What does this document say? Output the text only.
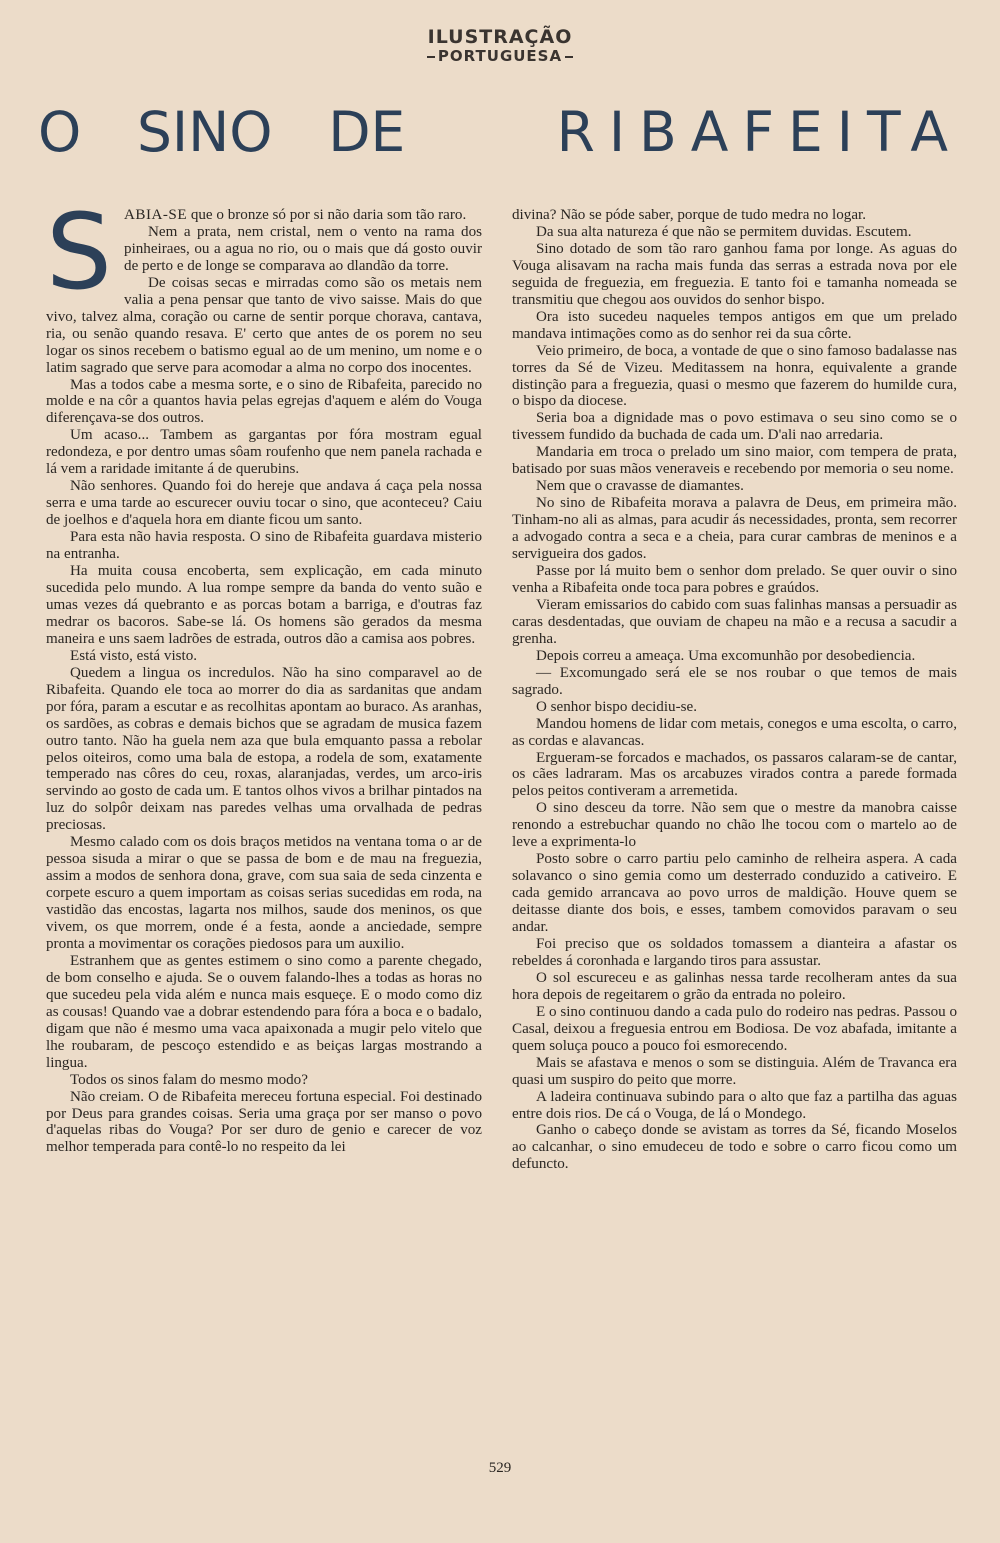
ILUSTRAÇÃO
PORTUGUESA
O SINO DE	RIBAFEITA

SABIA-SE que o bronze só por si não daria som tão raro.

Nem a prata, nem cristal, nem o vento na rama dos pinheiraes, ou a agua no rio, ou o mais que dá gosto ouvir de perto e de longe se comparava ao dlandão da torre.

De coisas secas e mirradas como são os metais nem valia a pena pensar que tanto de vivo saisse. Mais do que vivo, talvez alma, coração ou carne de sentir porque chorava, cantava, ria, ou senão quando resava. E' certo que antes de os porem no seu logar os sinos recebem o batismo egual ao de um menino, um nome e o latim sagrado que serve para acomodar a alma no corpo dos inocentes.

Mas a todos cabe a mesma sorte, e o sino de Ribafeita, parecido no molde e na côr a quantos havia pelas egrejas d'aquem e além do Vouga diferençava-se dos outros.

Um acaso... Tambem as gargantas por fóra mostram egual redondeza, e por dentro umas sôam roufenho que nem panela rachada e lá vem a raridade imitante á de querubins.

Não senhores. Quando foi do hereje que andava á caça pela nossa serra e uma tarde ao escurecer ouviu tocar o sino, que aconteceu? Caiu de joelhos e d'aquela hora em diante ficou um santo.

Para esta não havia resposta. O sino de Ribafeita guardava misterio na entranha.

Ha muita cousa encoberta, sem explicação, em cada minuto sucedida pelo mundo. A lua rompe sempre da banda do vento suão e umas vezes dá quebranto e as porcas botam a barriga, e d'outras faz medrar os bacoros. Sabe-se lá. Os homens são gerados da mesma maneira e uns saem ladrões de estrada, outros dão a camisa aos pobres.

Está visto, está visto.

Quedem a lingua os incredulos. Não ha sino comparavel ao de Ribafeita. Quando ele toca ao morrer do dia as sardanitas que andam por fóra, param a escutar e as recolhitas apontam ao buraco. As aranhas, os sardões, as cobras e demais bichos que se agradam de musica fazem outro tanto. Não ha guela nem aza que bula emquanto passa a rebolar pelos oiteiros, como uma bala de estopa, a rodela de som, exatamente temperado nas côres do ceu, roxas, alaranjadas, verdes, um arco-iris servindo ao gosto de cada um. E tantos olhos vivos a brilhar pintados na luz do solpôr deixam nas paredes velhas uma orvalhada de pedras preciosas.

Mesmo calado com os dois braços metidos na ventana toma o ar de pessoa sisuda a mirar o que se passa de bom e de mau na freguezia, assim a modos de senhora dona, grave, com sua saia de seda cinzenta e corpete escuro a quem importam as coisas serias sucedidas em roda, na vastidão das encostas, lagarta nos milhos, saude dos meninos, os que vivem, os que morrem, onde é a festa, aonde a anciedade, sempre pronta a movimentar os corações piedosos para um auxilio.

Estranhem que as gentes estimem o sino como a parente chegado, de bom conselho e ajuda. Se o ouvem falando-lhes a todas as horas no que sucedeu pela vida além e nunca mais esqueçe. E o modo como diz as cousas! Quando vae a dobrar estendendo para fóra a boca e o badalo, digam que não é mesmo uma vaca apaixonada a mugir pelo vitelo que lhe roubaram, de pescoço estendido e as beiças largas mostrando a lingua.

Todos os sinos falam do mesmo modo?

Não creiam. O de Ribafeita mereceu fortuna especial. Foi destinado por Deus para grandes coisas. Seria uma graça por ser manso o povo d'aquelas ribas do Vouga? Por ser duro de genio e carecer de voz melhor temperada para contê-lo no respeito da lei

divina? Não se póde saber, porque de tudo medra no logar.

Da sua alta natureza é que não se permitem duvidas. Escutem.

Sino dotado de som tão raro ganhou fama por longe. As aguas do Vouga alisavam na racha mais funda das serras a estrada nova por ele seguida de freguezia, em freguezia. E tanto foi e tamanha nomeada se transmitiu que chegou aos ouvidos do senhor bispo.

Ora isto sucedeu naqueles tempos antigos em que um prelado mandava intimações como as do senhor rei da sua côrte.

Veio primeiro, de boca, a vontade de que o sino famoso badalasse nas torres da Sé de Vizeu. Meditassem na honra, equivalente a grande distinção para a freguezia, quasi o mesmo que fazerem do humilde cura, o bispo da diocese.

Seria boa a dignidade mas o povo estimava o seu sino como se o tivessem fundido da buchada de cada um. D'ali nao arredaria.

Mandaria em troca o prelado um sino maior, com tempera de prata, batisado por suas mãos veneraveis e recebendo por memoria o seu nome.

Nem que o cravasse de diamantes.

No sino de Ribafeita morava a palavra de Deus, em primeira mão. Tinham-no ali as almas, para acudir ás necessidades, pronta, sem recorrer a advogado contra a seca e a cheia, para curar cambras de meninos e a servigueira dos gados.

Passe por lá muito bem o senhor dom prelado. Se quer ouvir o sino venha a Ribafeita onde toca para pobres e graúdos.

Vieram emissarios do cabido com suas falinhas mansas a persuadir as caras desdentadas, que ouviam de chapeu na mão e a recusa a sacudir a grenha.

Depois correu a ameaça. Uma excomunhão por desobediencia.

— Excomungado será ele se nos roubar o que temos de mais sagrado.

O senhor bispo decidiu-se.

Mandou homens de lidar com metais, conegos e uma escolta, o carro, as cordas e alavancas.

Ergueram-se forcados e machados, os passaros calaram-se de cantar, os cães ladraram. Mas os arcabuzes virados contra a parede formada pelos peitos contiveram a arremetida.

O sino desceu da torre. Não sem que o mestre da manobra caisse renondo a estrebuchar quando no chão lhe tocou com o martelo ao de leve a exprimenta-lo

Posto sobre o carro partiu pelo caminho de relheira aspera. A cada solavanco o sino gemia como um desterrado conduzido a cativeiro. E cada gemido arrancava ao povo urros de maldição. Houve quem se deitasse diante dos bois, e esses, tambem comovidos paravam o seu andar.

Foi preciso que os soldados tomassem a dianteira a afastar os rebeldes á coronhada e largando tiros para assustar.

O sol escureceu e as galinhas nessa tarde recolheram antes da sua hora depois de regeitarem o grão da entrada no poleiro.

E o sino continuou dando a cada pulo do rodeiro nas pedras. Passou o Casal, deixou a freguesia entrou em Bodiosa. De voz abafada, imitante a quem soluça pouco a pouco foi esmorecendo.

Mais se afastava e menos o som se distinguia. Além de Travanca era quasi um suspiro do peito que morre.

A ladeira continuava subindo para o alto que faz a partilha das aguas entre dois rios. De cá o Vouga, de lá o Mondego.

Ganho o cabeço donde se avistam as torres da Sé, ficando Moselos ao calcanhar, o sino emudeceu de todo e sobre o carro ficou como um defuncto.

529
